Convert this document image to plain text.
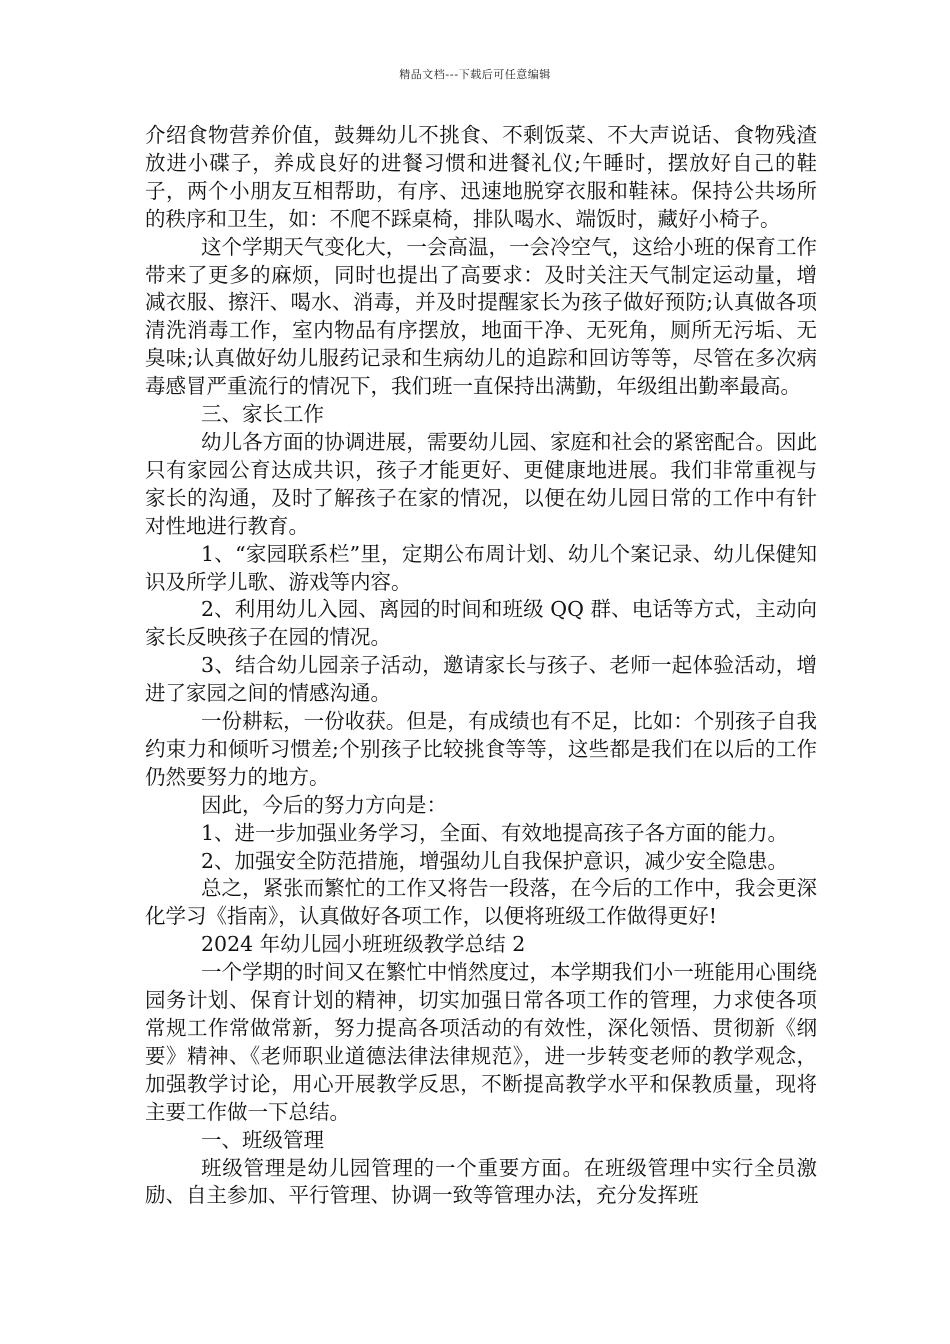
精品文档---下载后可任意编辑

介绍食物营养价值，鼓舞幼儿不挑食、不剩饭菜、不大声说话、食物残渣放进小碟子，养成良好的进餐习惯和进餐礼仪;午睡时，摆放好自己的鞋子，两个小朋友互相帮助，有序、迅速地脱穿衣服和鞋袜。保持公共场所的秩序和卫生，如：不爬不踩桌椅，排队喝水、端饭时，藏好小椅子。

这个学期天气变化大，一会高温，一会冷空气，这给小班的保育工作带来了更多的麻烦，同时也提出了高要求：及时关注天气制定运动量，增减衣服、擦汗、喝水、消毒，并及时提醒家长为孩子做好预防;认真做各项清洗消毒工作，室内物品有序摆放，地面干净、无死角，厕所无污垢、无臭味;认真做好幼儿服药记录和生病幼儿的追踪和回访等等，尽管在多次病毒感冒严重流行的情况下，我们班一直保持出满勤，年级组出勤率最高。

三、家长工作

幼儿各方面的协调进展，需要幼儿园、家庭和社会的紧密配合。因此只有家园公育达成共识，孩子才能更好、更健康地进展。我们非常重视与家长的沟通，及时了解孩子在家的情况，以便在幼儿园日常的工作中有针对性地进行教育。

1、“家园联系栏”里，定期公布周计划、幼儿个案记录、幼儿保健知识及所学儿歌、游戏等内容。

2、利用幼儿入园、离园的时间和班级 QQ 群、电话等方式，主动向家长反映孩子在园的情况。

3、结合幼儿园亲子活动，邀请家长与孩子、老师一起体验活动，增进了家园之间的情感沟通。

一份耕耘，一份收获。但是，有成绩也有不足，比如：个别孩子自我约束力和倾听习惯差;个别孩子比较挑食等等，这些都是我们在以后的工作仍然要努力的地方。

因此，今后的努力方向是：

1、进一步加强业务学习，全面、有效地提高孩子各方面的能力。

2、加强安全防范措施，增强幼儿自我保护意识，减少安全隐患。

总之，紧张而繁忙的工作又将告一段落，在今后的工作中，我会更深化学习《指南》，认真做好各项工作，以便将班级工作做得更好!

2024 年幼儿园小班班级教学总结 2

一个学期的时间又在繁忙中悄然度过，本学期我们小一班能用心围绕园务计划、保育计划的精神，切实加强日常各项工作的管理，力求使各项常规工作常做常新，努力提高各项活动的有效性，深化领悟、贯彻新《纲要》精神、《老师职业道德法律法律规范》，进一步转变老师的教学观念，加强教学讨论，用心开展教学反思，不断提高教学水平和保教质量，现将主要工作做一下总结。

一、班级管理

班级管理是幼儿园管理的一个重要方面。在班级管理中实行全员激励、自主参加、平行管理、协调一致等管理办法，充分发挥班
